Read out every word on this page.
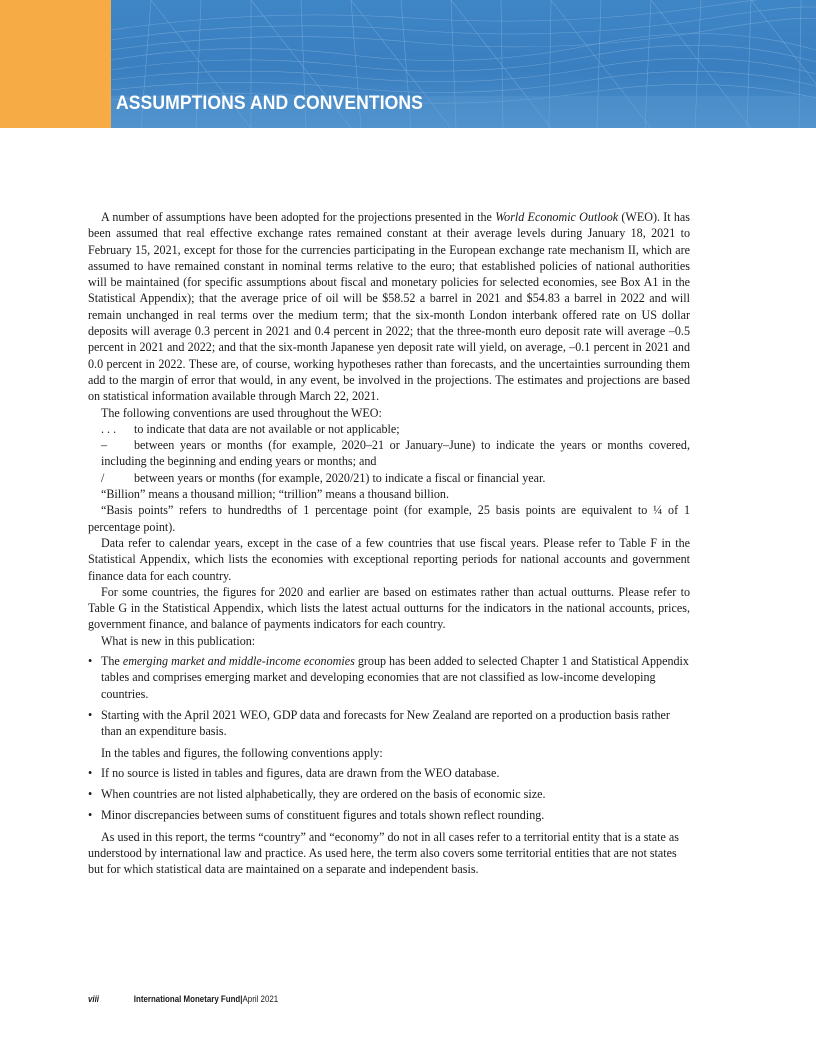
ASSUMPTIONS AND CONVENTIONS

A number of assumptions have been adopted for the projections presented in the World Economic Outlook (WEO). It has been assumed that real effective exchange rates remained constant at their average levels during January 18, 2021 to February 15, 2021, except for those for the currencies participating in the European exchange rate mechanism II, which are assumed to have remained constant in nominal terms relative to the euro; that established policies of national authorities will be maintained (for specific assumptions about fiscal and monetary policies for selected economies, see Box A1 in the Statistical Appendix); that the average price of oil will be $58.52 a barrel in 2021 and $54.83 a barrel in 2022 and will remain unchanged in real terms over the medium term; that the six-month London interbank offered rate on US dollar deposits will average 0.3 percent in 2021 and 0.4 percent in 2022; that the three-month euro deposit rate will average –0.5 percent in 2021 and 2022; and that the six-month Japanese yen deposit rate will yield, on average, –0.1 percent in 2021 and 0.0 percent in 2022. These are, of course, working hypotheses rather than forecasts, and the uncertainties surrounding them add to the margin of error that would, in any event, be involved in the projections. The estimates and projections are based on statistical information available through March 22, 2021.

The following conventions are used throughout the WEO:

. . . to indicate that data are not available or not applicable;

– between years or months (for example, 2020–21 or January–June) to indicate the years or months covered, including the beginning and ending years or months; and

/ between years or months (for example, 2020/21) to indicate a fiscal or financial year.

“Billion” means a thousand million; “trillion” means a thousand billion.

“Basis points” refers to hundredths of 1 percentage point (for example, 25 basis points are equivalent to ¼ of 1 percentage point).

Data refer to calendar years, except in the case of a few countries that use fiscal years. Please refer to Table F in the Statistical Appendix, which lists the economies with exceptional reporting periods for national accounts and government finance data for each country.

For some countries, the figures for 2020 and earlier are based on estimates rather than actual outturns. Please refer to Table G in the Statistical Appendix, which lists the latest actual outturns for the indicators in the national accounts, prices, government finance, and balance of payments indicators for each country.

What is new in this publication:

• The emerging market and middle-income economies group has been added to selected Chapter 1 and Statistical Appendix tables and comprises emerging market and developing economies that are not classified as low-income developing countries.
• Starting with the April 2021 WEO, GDP data and forecasts for New Zealand are reported on a production basis rather than an expenditure basis.

In the tables and figures, the following conventions apply:

• If no source is listed in tables and figures, data are drawn from the WEO database.
• When countries are not listed alphabetically, they are ordered on the basis of economic size.
• Minor discrepancies between sums of constituent figures and totals shown reflect rounding.

As used in this report, the terms “country” and “economy” do not in all cases refer to a territorial entity that is a state as understood by international law and practice. As used here, the term also covers some territorial entities that are not states but for which statistical data are maintained on a separate and independent basis.

viii	International Monetary Fund|April 2021
